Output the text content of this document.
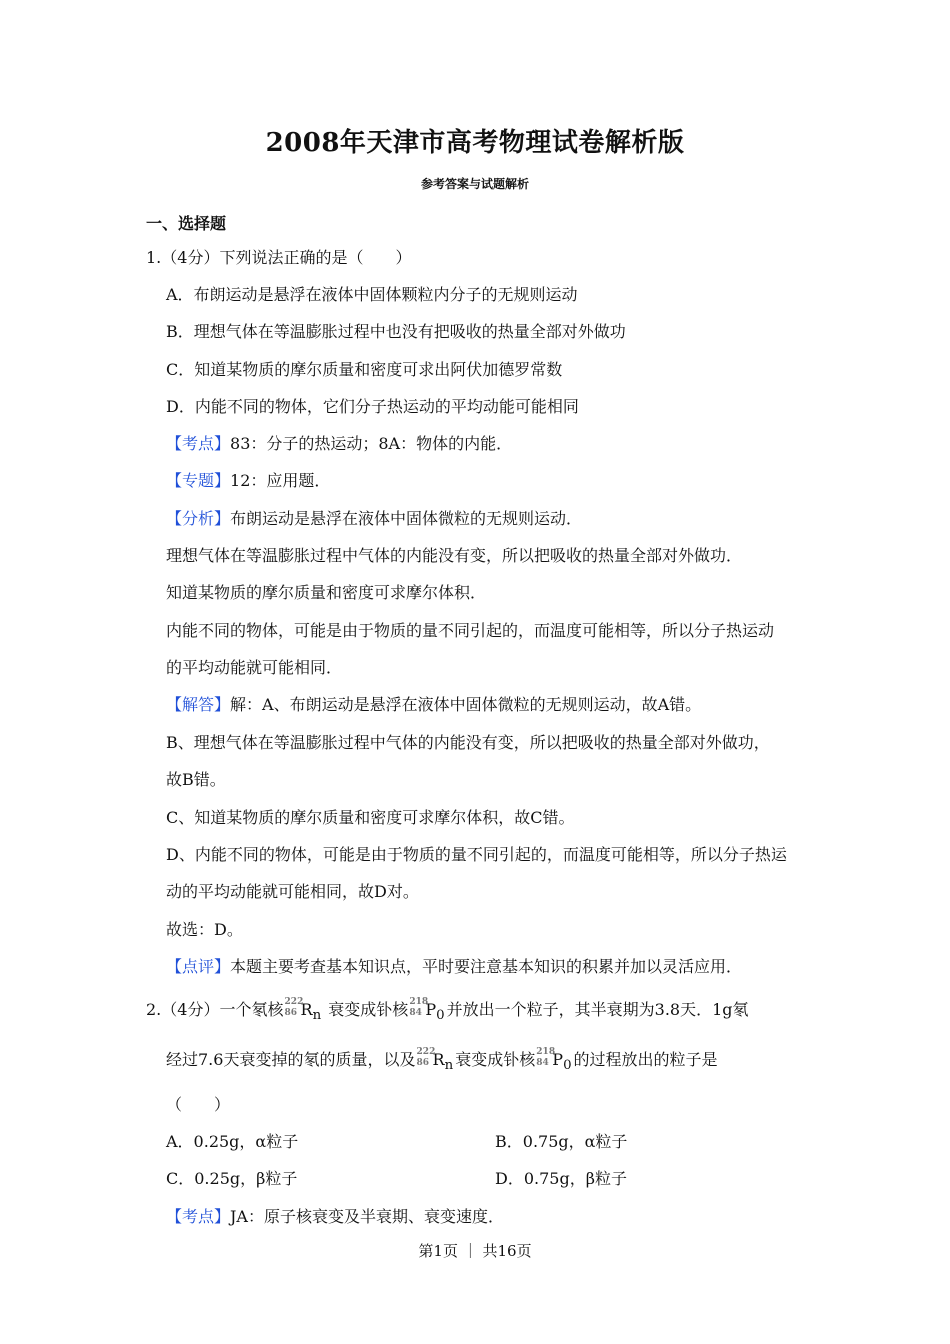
2008年天津市高考物理试卷解析版
参考答案与试题解析
一、选择题
1.（4分）下列说法正确的是（　　）
A．布朗运动是悬浮在液体中固体颗粒内分子的无规则运动
B．理想气体在等温膨胀过程中也没有把吸收的热量全部对外做功
C．知道某物质的摩尔质量和密度可求出阿伏加德罗常数
D．内能不同的物体，它们分子热运动的平均动能可能相同
【考点】83：分子的热运动；8A：物体的内能．
【专题】12：应用题．
【分析】布朗运动是悬浮在液体中固体微粒的无规则运动．
理想气体在等温膨胀过程中气体的内能没有变，所以把吸收的热量全部对外做功．
知道某物质的摩尔质量和密度可求摩尔体积．
内能不同的物体，可能是由于物质的量不同引起的，而温度可能相等，所以分子热运动
的平均动能就可能相同．
【解答】解：A、布朗运动是悬浮在液体中固体微粒的无规则运动，故A错。
B、理想气体在等温膨胀过程中气体的内能没有变，所以把吸收的热量全部对外做功，
故B错。
C、知道某物质的摩尔质量和密度可求摩尔体积，故C错。
D、内能不同的物体，可能是由于物质的量不同引起的，而温度可能相等，所以分子热运
动的平均动能就可能相同，故D对。
故选：D。
【点评】本题主要考查基本知识点，平时要注意基本知识的积累并加以灵活应用．
2.（4分）一个氡核 222
86 $R_n$ 衰变成钋核 218
84 $P_0$ 并放出一个粒子，其半衰期为3.8天．1g氡
经过7.6天衰变掉的氡的质量，以及 222
86 $R_n$ 衰变成钋核 218
84 $P_0$ 的过程放出的粒子是
（　　）
A．0.25g，α粒子	B．0.75g，α粒子
C．0.25g，β粒子	D．0.75g，β粒子
【考点】JA：原子核衰变及半衰期、衰变速度．
第1页 ｜ 共16页
